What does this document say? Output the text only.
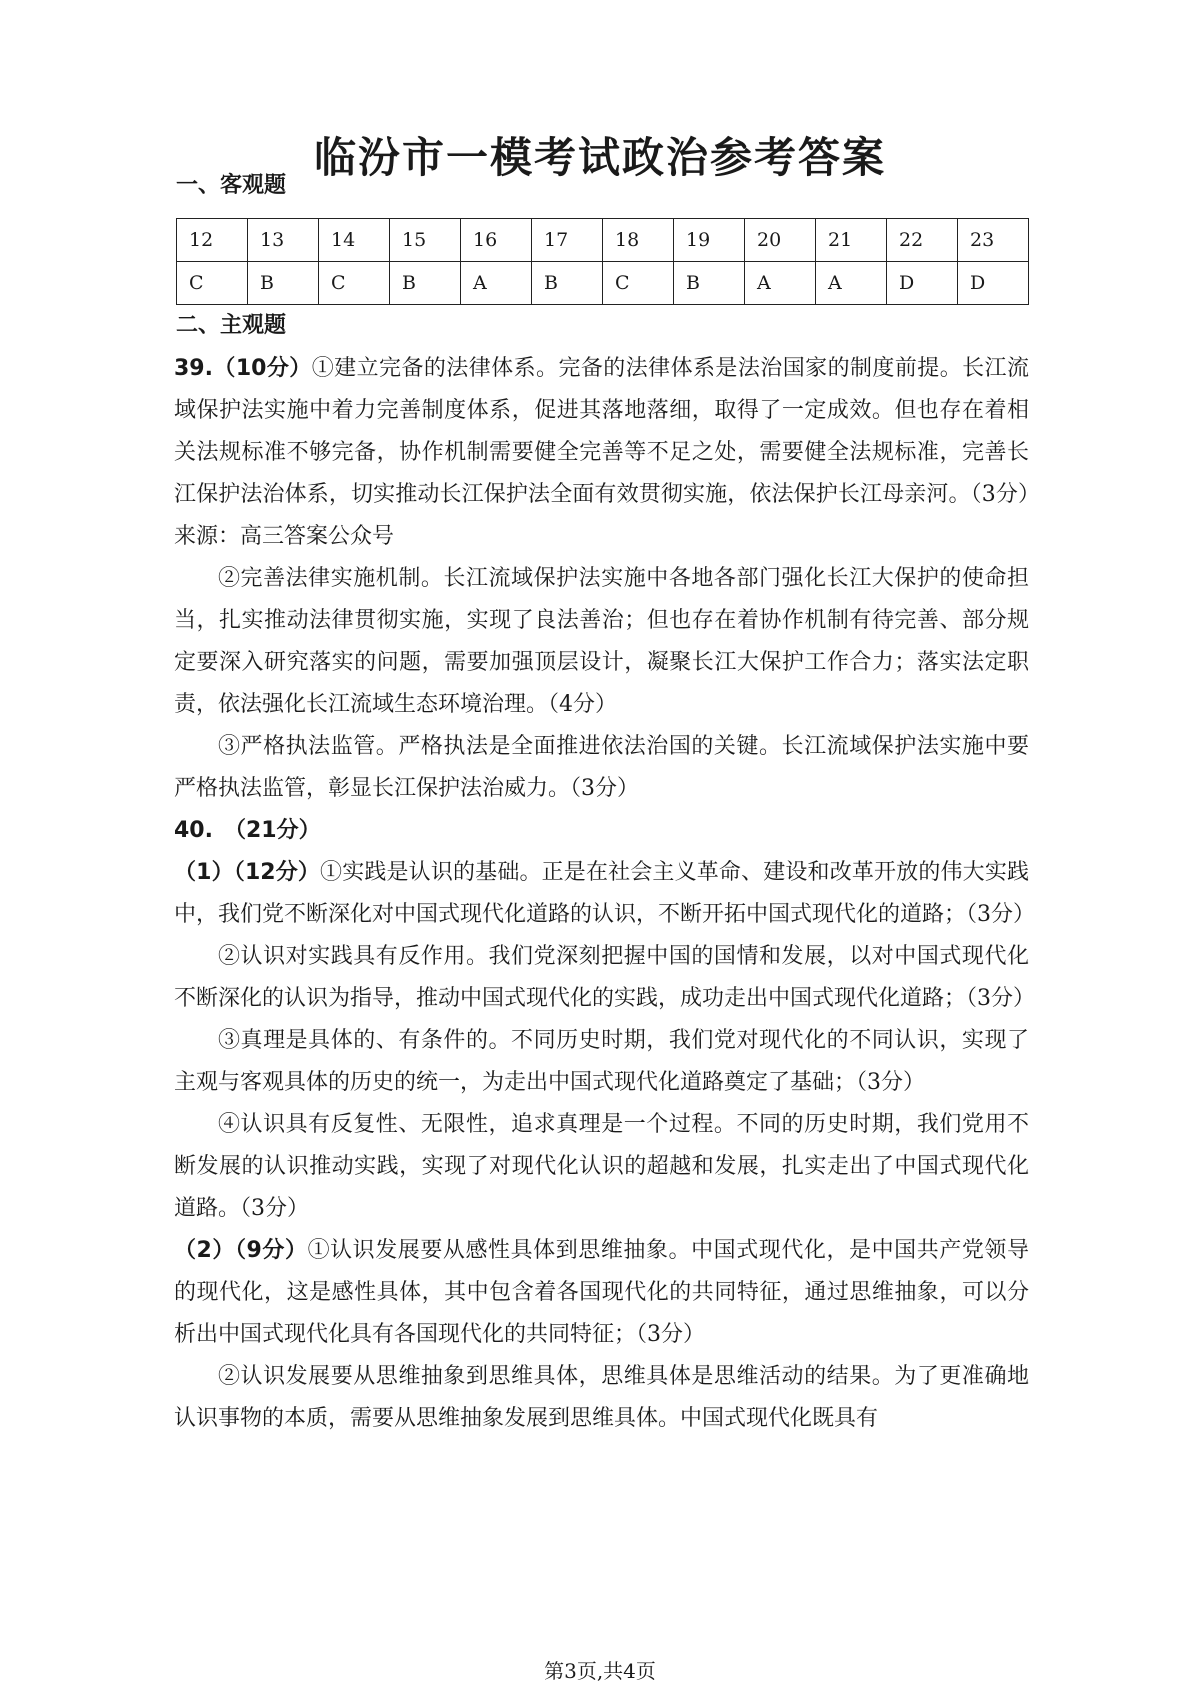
临汾市一模考试政治参考答案
一、客观题
12	13	14	15	16	17	18	19	20	21	22	23
C	B	C	B	A	B	C	B	A	A	D	D
二、主观题

39.（10分）①建立完备的法律体系。完备的法律体系是法治国家的制度前提。长江流域保护法实施中着力完善制度体系，促进其落地落细，取得了一定成效。但也存在着相关法规标准不够完备，协作机制需要健全完善等不足之处，需要健全法规标准，完善长江保护法治体系，切实推动长江保护法全面有效贯彻实施，依法保护长江母亲河。（3分）来源：高三答案公众号

②完善法律实施机制。长江流域保护法实施中各地各部门强化长江大保护的使命担当，扎实推动法律贯彻实施，实现了良法善治；但也存在着协作机制有待完善、部分规定要深入研究落实的问题，需要加强顶层设计，凝聚长江大保护工作合力；落实法定职责，依法强化长江流域生态环境治理。（4分）

③严格执法监管。严格执法是全面推进依法治国的关键。长江流域保护法实施中要严格执法监管，彰显长江保护法治威力。（3分）

40.　（21分）

（1）（12分）①实践是认识的基础。正是在社会主义革命、建设和改革开放的伟大实践中，我们党不断深化对中国式现代化道路的认识，不断开拓中国式现代化的道路；（3分）

②认识对实践具有反作用。我们党深刻把握中国的国情和发展，以对中国式现代化不断深化的认识为指导，推动中国式现代化的实践，成功走出中国式现代化道路；（3分）

③真理是具体的、有条件的。不同历史时期，我们党对现代化的不同认识，实现了主观与客观具体的历史的统一，为走出中国式现代化道路奠定了基础；（3分）

④认识具有反复性、无限性，追求真理是一个过程。不同的历史时期，我们党用不断发展的认识推动实践，实现了对现代化认识的超越和发展，扎实走出了中国式现代化道路。（3分）

（2）（9分）①认识发展要从感性具体到思维抽象。中国式现代化，是中国共产党领导的现代化，这是感性具体，其中包含着各国现代化的共同特征，通过思维抽象，可以分析出中国式现代化具有各国现代化的共同特征；（3分）

②认识发展要从思维抽象到思维具体，思维具体是思维活动的结果。为了更准确地认识事物的本质，需要从思维抽象发展到思维具体。中国式现代化既具有

第3页,共4页
